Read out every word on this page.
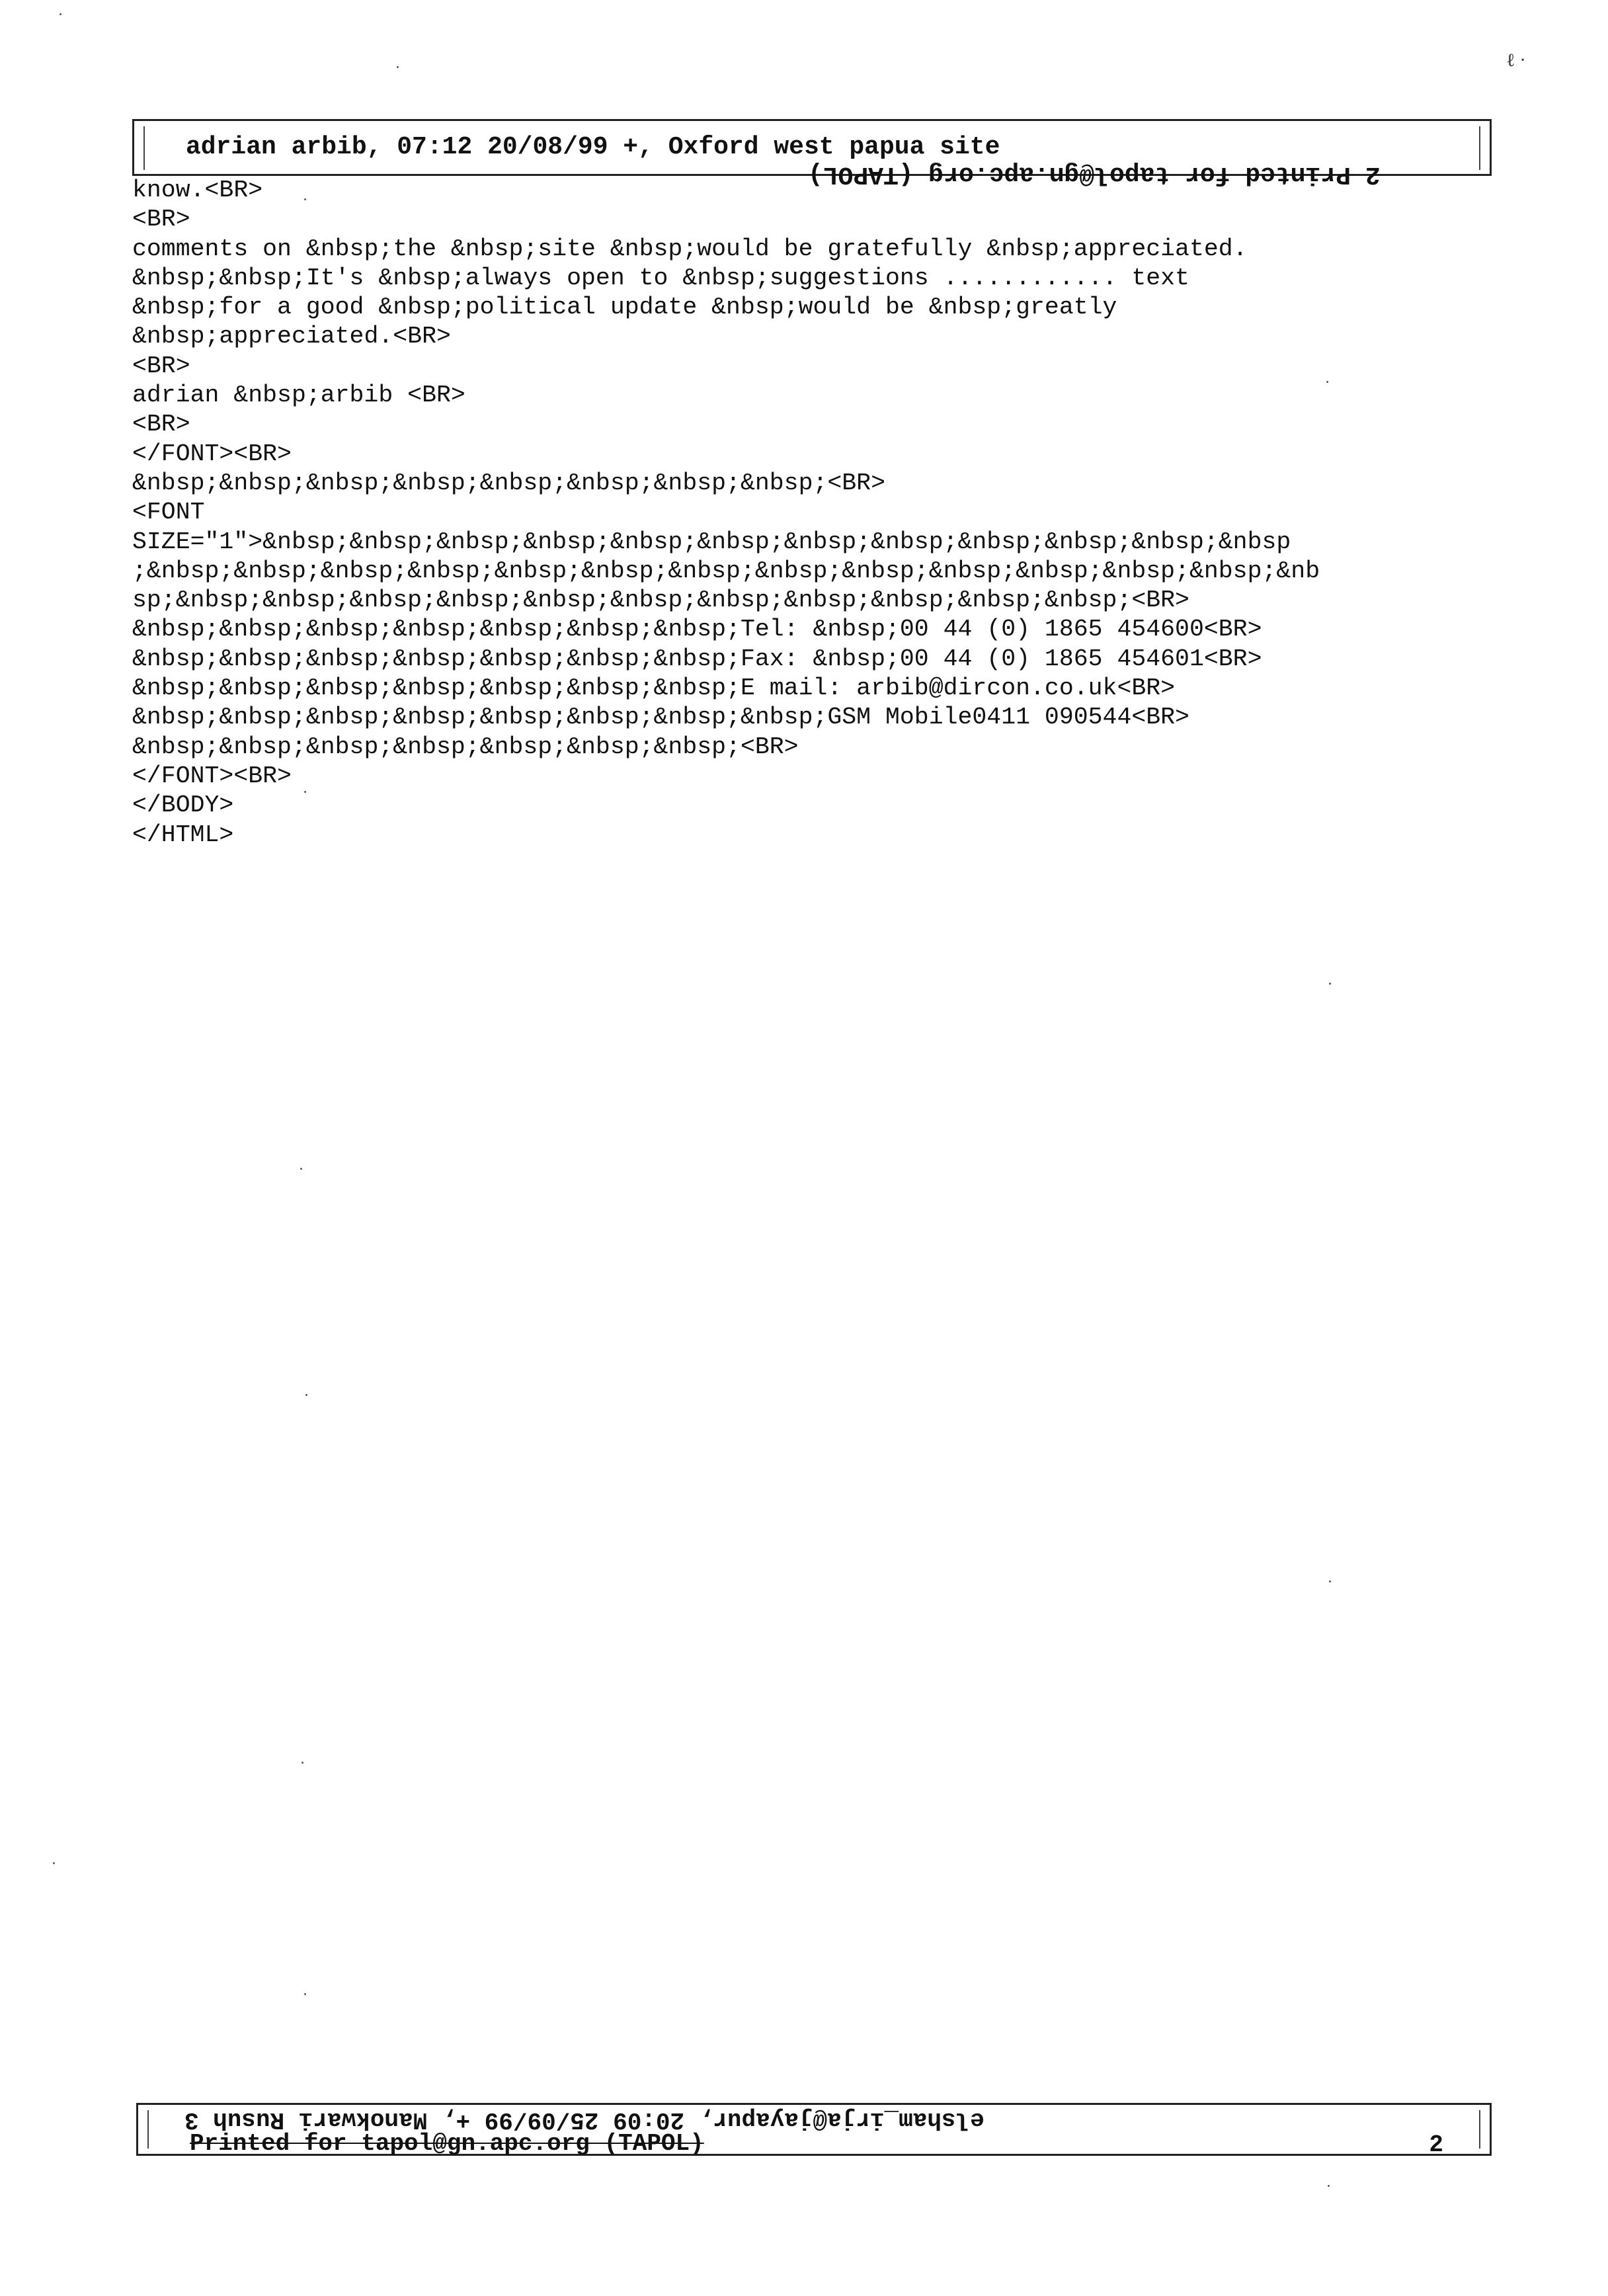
ℓ ·
adrian arbib, 07:12 20/08/99 +, Oxford west papua site

2Printed for tapol@gn.apc.org (TAPOL)

know.<BR>
<BR>
comments on &nbsp;the &nbsp;site &nbsp;would be gratefully &nbsp;appreciated.
&nbsp;&nbsp;It's &nbsp;always open to &nbsp;suggestions ............ text
&nbsp;for a good &nbsp;political update &nbsp;would be &nbsp;greatly
&nbsp;appreciated.<BR>
<BR>
adrian &nbsp;arbib <BR>
<BR>
</FONT><BR>
&nbsp;&nbsp;&nbsp;&nbsp;&nbsp;&nbsp;&nbsp;&nbsp;<BR>
<FONT
SIZE="1">&nbsp;&nbsp;&nbsp;&nbsp;&nbsp;&nbsp;&nbsp;&nbsp;&nbsp;&nbsp;&nbsp;&nbsp
;&nbsp;&nbsp;&nbsp;&nbsp;&nbsp;&nbsp;&nbsp;&nbsp;&nbsp;&nbsp;&nbsp;&nbsp;&nbsp;&nb
sp;&nbsp;&nbsp;&nbsp;&nbsp;&nbsp;&nbsp;&nbsp;&nbsp;&nbsp;&nbsp;&nbsp;<BR>
&nbsp;&nbsp;&nbsp;&nbsp;&nbsp;&nbsp;&nbsp;Tel: &nbsp;00 44 (0) 1865 454600<BR>
&nbsp;&nbsp;&nbsp;&nbsp;&nbsp;&nbsp;&nbsp;Fax: &nbsp;00 44 (0) 1865 454601<BR>
&nbsp;&nbsp;&nbsp;&nbsp;&nbsp;&nbsp;&nbsp;E mail: arbib@dircon.co.uk<BR>
&nbsp;&nbsp;&nbsp;&nbsp;&nbsp;&nbsp;&nbsp;&nbsp;GSM Mobile0411 090544<BR>
&nbsp;&nbsp;&nbsp;&nbsp;&nbsp;&nbsp;&nbsp;<BR>
</FONT><BR>
</BODY>
</HTML>
elsham_irja@jayapur, 20:09 25/09/99 +, Manokwari Rusuh 3
Printed for tapol@gn.apc.org (TAPOL)	2
